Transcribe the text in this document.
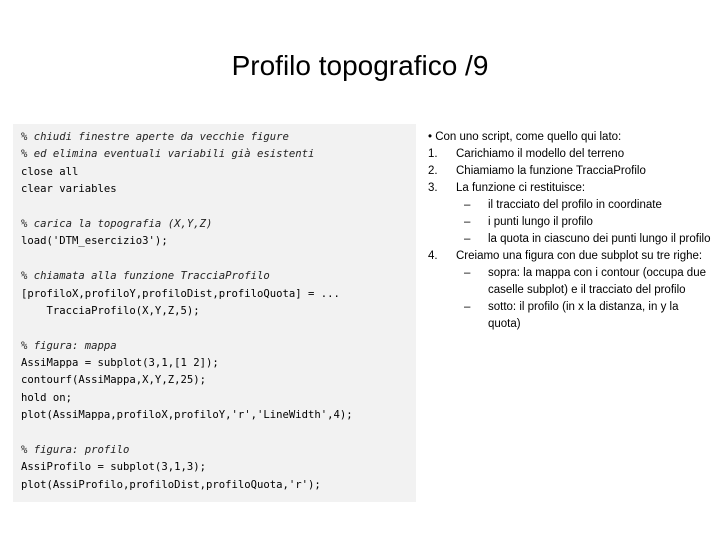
Profilo topografico /9
% chiudi finestre aperte da vecchie figure
% ed elimina eventuali variabili già esistenti
close all
clear variables
% carica la topografia (X,Y,Z)
load('DTM_esercizio3');
% chiamata alla funzione TracciaProfilo
[profiloX,profiloY,profiloDist,profiloQuota] = ...
TracciaProfilo(X,Y,Z,5);
% figura: mappa
AssiMappa = subplot(3,1,[1 2]);
contourf(AssiMappa,X,Y,Z,25);
hold on;
plot(AssiMappa,profiloX,profiloY,'r','LineWidth',4);
% figura: profilo
AssiProfilo = subplot(3,1,3);
plot(AssiProfilo,profiloDist,profiloQuota,'r');
• Con uno script, come quello qui lato:
1. Carichiamo il modello del terreno
2. Chiamiamo la funzione TracciaProfilo
3. La funzione ci restituisce:
– il tracciato del profilo in coordinate
– i punti lungo il profilo
– la quota in ciascuno dei punti lungo il profilo
4. Creiamo una figura con due subplot su tre righe:
– sopra: la mappa con i contour (occupa due caselle subplot) e il tracciato del profilo
– sotto: il profilo (in x la distanza, in y la quota)
